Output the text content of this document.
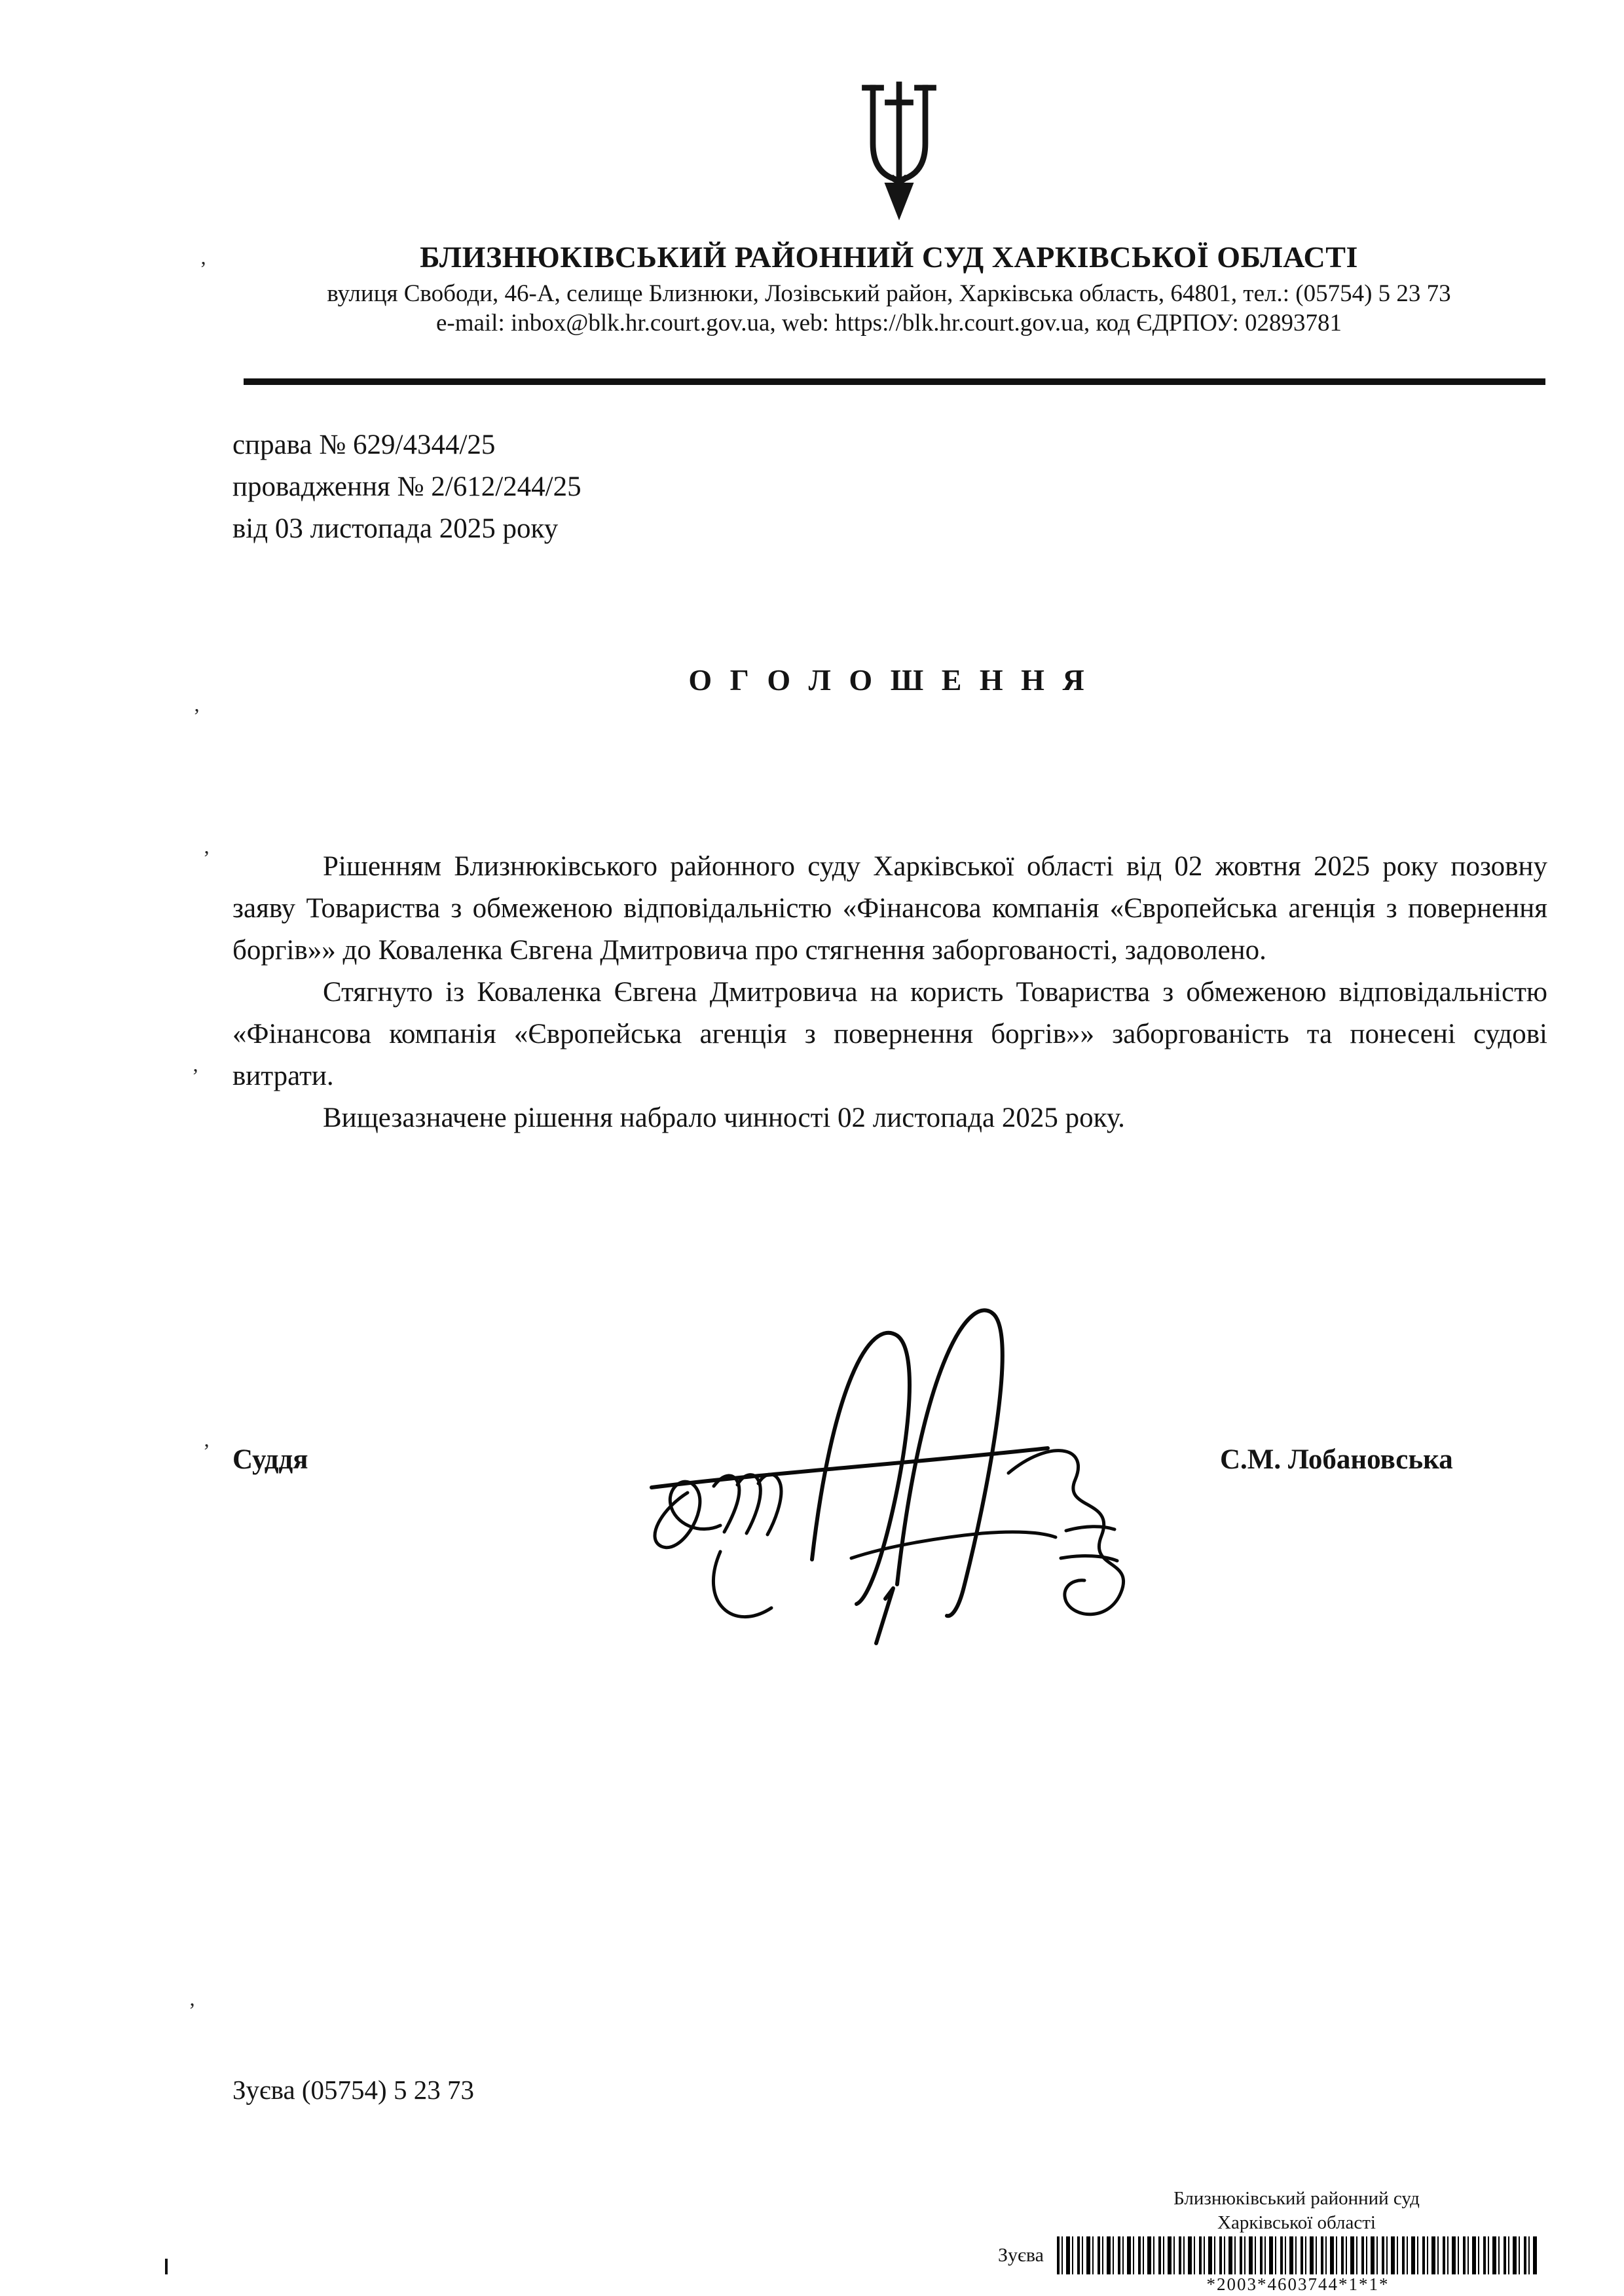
БЛИЗНЮКІВСЬКИЙ РАЙОННИЙ СУД ХАРКІВСЬКОЇ ОБЛАСТІ
вулиця Свободи, 46-А, селище Близнюки, Лозівський район, Харківська область, 64801, тел.: (05754) 5 23 73
e-mail: inbox@blk.hr.court.gov.ua, web: https://blk.hr.court.gov.ua, код ЄДРПОУ: 02893781
справа № 629/4344/25
провадження № 2/612/244/25
від 03 листопада 2025 року
О Г О Л О Ш Е Н Н Я

Рішенням Близнюківського районного суду Харківської області від 02 жовтня 2025 року позовну заяву Товариства з обмеженою відповідальністю «Фінансова компанія «Європейська агенція з повернення боргів»» до Коваленка Євгена Дмитровича про стягнення заборгованості, задоволено.

Стягнуто із Коваленка Євгена Дмитровича на користь Товариства з обмеженою відповідальністю «Фінансова компанія «Європейська агенція з повернення боргів»» заборгованість та понесені судові витрати.

Вищезазначене рішення набрало чинності 02 листопада 2025 року.

Суддя	С.М. Лобановська
Зуєва (05754) 5 23 73
Близнюківський районний суд
Харківської області
Зуєва
*2003*4603744*1*1*
’
’
’
’
’
’
